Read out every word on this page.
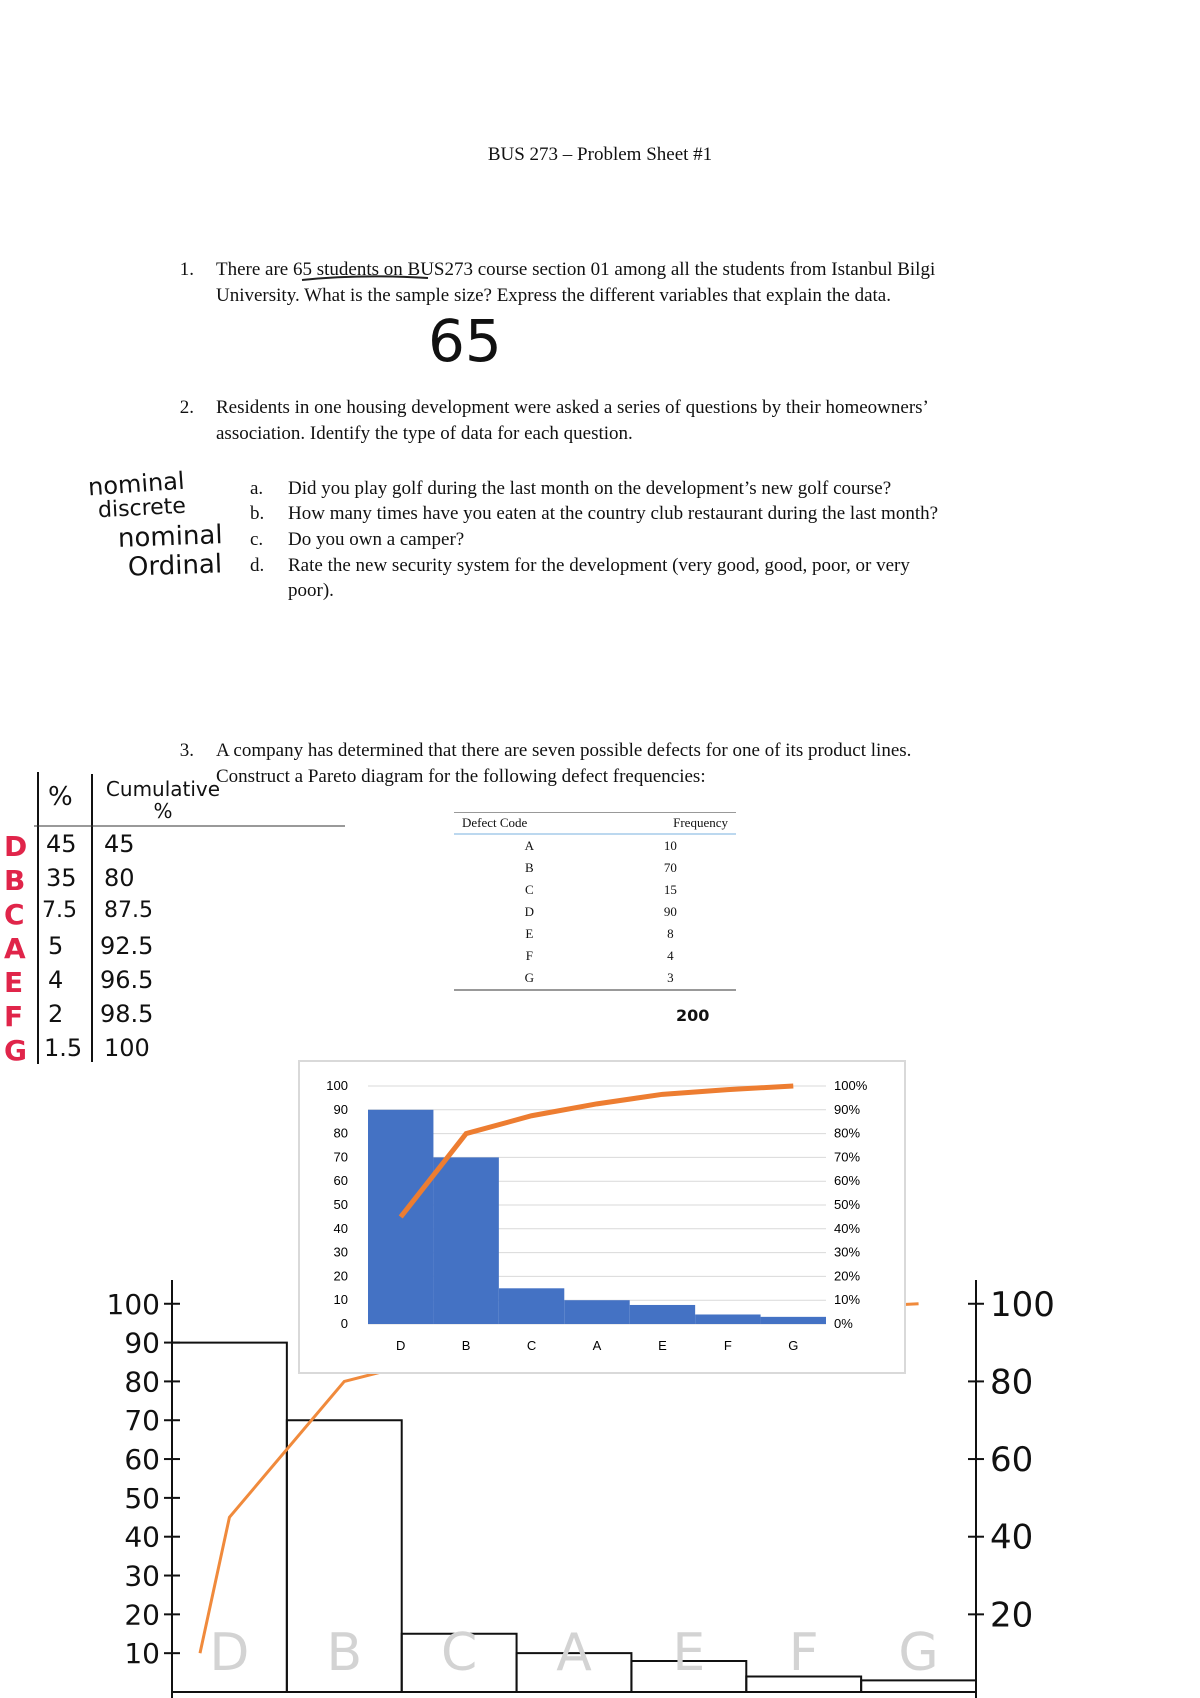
BUS 273 – Problem Sheet #1
1. There are 65 students on BUS273 course section 01 among all the students from Istanbul Bilgi
University. What is the sample size? Express the different variables that explain the data.
65
2. Residents in one housing development were asked a series of questions by their homeowners’
association. Identify the type of data for each question.
a.	Did you play golf during the last month on the development’s new golf course?
b.	How many times have you eaten at the country club restaurant during the last month?
c.	Do you own a camper?
d.	Rate the new security system for the development (very good, good, poor, or very
poor).
nominal
discrete
nominal
Ordinal
3. A company has determined that there are seven possible defects for one of its product lines.
Construct a Pareto diagram for the following defect frequencies:
Defect Code	Frequency
A	10
B	70
C	15
D	90
E	8
F	4
G	3
200
%	Cumulative %
D 45 45
B 35 80
C 7.5 87.5
A 5 92.5
E 4 96.5
F 2 98.5
G 1.5 100
10
20
30
40
50
60
70
80
90
100
20
40
60
80
100
D B C A E F G
0
10
20
30
40
50
60
70
80
90
100
0%
10%
20%
30%
40%
50%
60%
70%
80%
90%
100%
D	B	C	A	E	F	G
